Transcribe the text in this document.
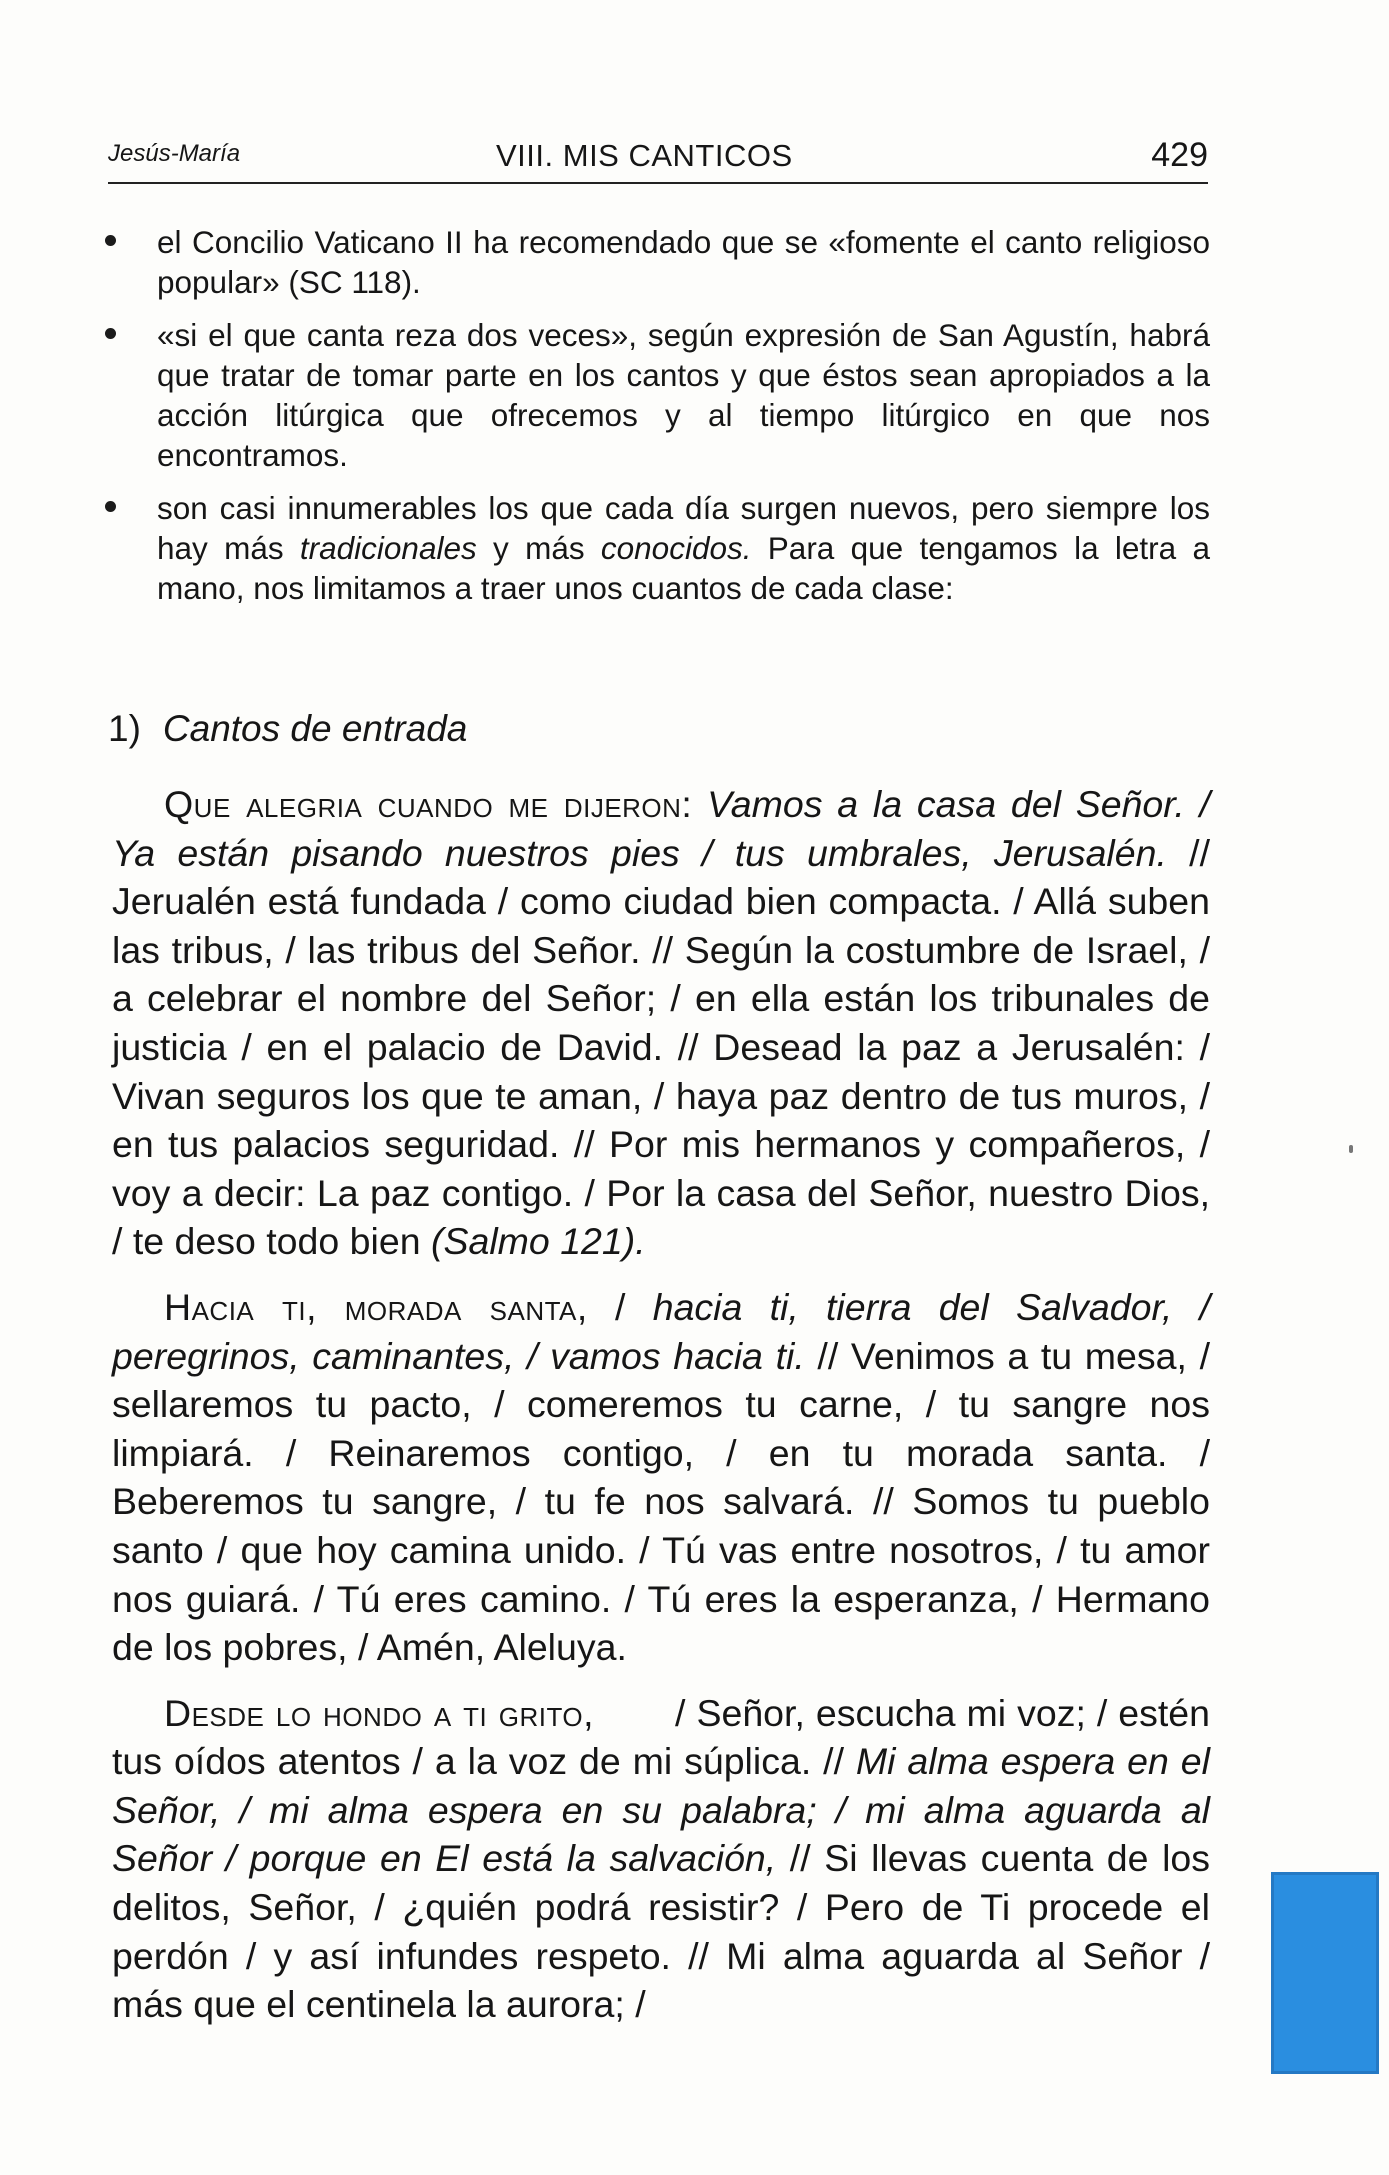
Jesús-María	VIII. MIS CANTICOS	429
el Concilio Vaticano II ha recomendado que se «fomente el canto religioso popular» (SC 118).
«si el que canta reza dos veces», según expresión de San Agustín, habrá que tratar de tomar parte en los cantos y que éstos sean apropiados a la acción litúrgica que ofrecemos y al tiempo litúrgico en que nos encontramos.
son casi innumerables los que cada día surgen nuevos, pero siempre los hay más tradicionales y más conocidos. Para que tengamos la letra a mano, nos limitamos a traer unos cuantos de cada clase:
1) Cantos de entrada

Que alegria cuando me dijeron: Vamos a la casa del Señor. / Ya están pisando nuestros pies / tus umbrales, Jerusalén. // Jerualén está fundada / como ciudad bien compacta. / Allá suben las tribus, / las tribus del Señor. // Según la costumbre de Israel, / a celebrar el nombre del Señor; / en ella están los tribunales de justicia / en el palacio de David. // Desead la paz a Jerusalén: / Vivan seguros los que te aman, / haya paz dentro de tus muros, / en tus palacios seguridad. // Por mis hermanos y compañeros, / voy a decir: La paz contigo. / Por la casa del Señor, nuestro Dios, / te deso todo bien (Salmo 121).

Hacia ti, morada santa, / hacia ti, tierra del Salvador, / peregrinos, caminantes, / vamos hacia ti. // Venimos a tu mesa, / sellaremos tu pacto, / comeremos tu carne, / tu sangre nos limpiará. / Reinaremos contigo, / en tu morada santa. / Beberemos tu sangre, / tu fe nos salvará. // Somos tu pueblo santo / que hoy camina unido. / Tú vas entre nosotros, / tu amor nos guiará. / Tú eres camino. / Tú eres la esperanza, / Hermano de los pobres, / Amén, Aleluya.

Desde lo hondo a ti grito, / Señor, escucha mi voz; / estén tus oídos atentos / a la voz de mi súplica. // Mi alma espera en el Señor, / mi alma espera en su palabra; / mi alma aguarda al Señor / porque en El está la salvación, // Si llevas cuenta de los delitos, Señor, / ¿quién podrá resistir? / Pero de Ti procede el perdón / y así infundes respeto. // Mi alma aguarda al Señor / más que el centinela la aurora; /
